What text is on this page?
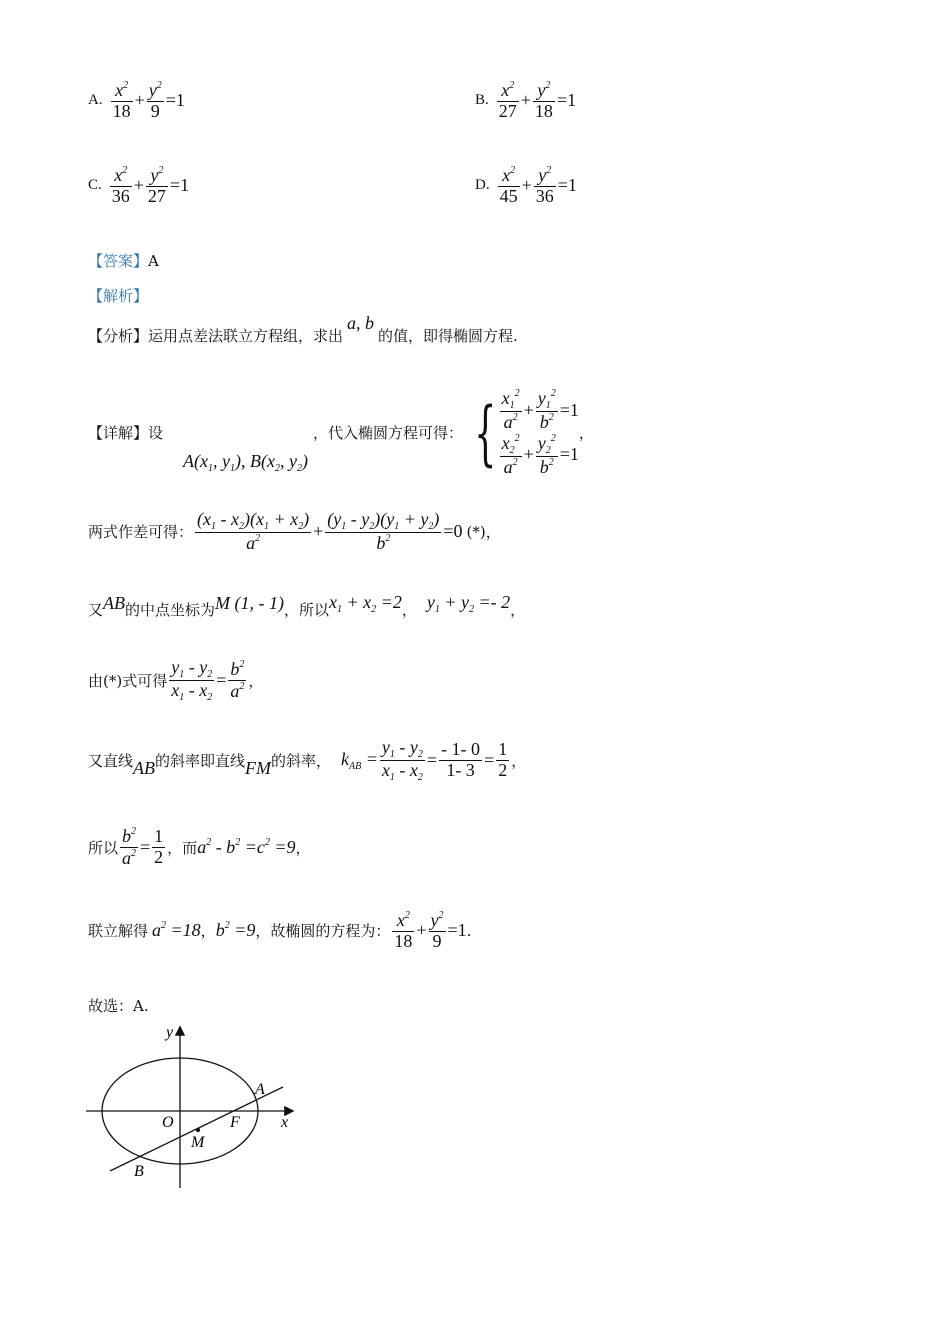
A. $\frac{x^2}{18} + \frac{y^2}{9} =1$	B. $\frac{x^2}{27} + \frac{y^2}{18} =1$
C. $\frac{x^2}{36} + \frac{y^2}{27} =1$	D. $\frac{x^2}{45} + \frac{y^2}{36} =1$
【答案】 A
【解析】
【分析】 运用点差法联立方程组，求出
a, b
的值，即得椭圆方程.
【详解】 设
$A(x_1$, $y_1$), $B(x_2$, $y_2$)
，代入椭圆方程可得： { $\frac{x_1^2}{a^2} + \frac{y_1^2}{b^2} =1$
$\frac{x_2^2}{a^2} + \frac{y_2^2}{b^2} =1$
，
两式作差可得： $\frac{(x_1 - x_2)(x_1 + x_2)}{a^2} + \frac{(y_1 - y_2)(y_1 + y_2)}{b^2} =0$ (*)，
又 AB 的中点坐标为 M (1, - 1) ，所以 $x_1 + x_2 =2$ ， $y_1 + y_2 =- 2$ ，
由(*)式可得 $\frac{y_1 - y_2}{x_1 - x_2} = \frac{b^2}{a^2}$ ，
又直线 AB 的斜率即直线 FM 的斜率， $k_{AB} = \frac{y_1 - y_2}{x_1 - x_2} = \frac{- 1- 0}{1- 3} = \frac{1}{2}$ ，
所以 $\frac{b^2}{a^2} = \frac{1}{2}$ ，而 $a^2 - b^2 =c^2 =9$ ，
联立解得 $a^2 =18$ ， $b^2 =9$ ，故椭圆的方程为： $\frac{x^2}{18} + \frac{y^2}{9} =1$ .
故选：A.
y
x
O	F
M
A
B
